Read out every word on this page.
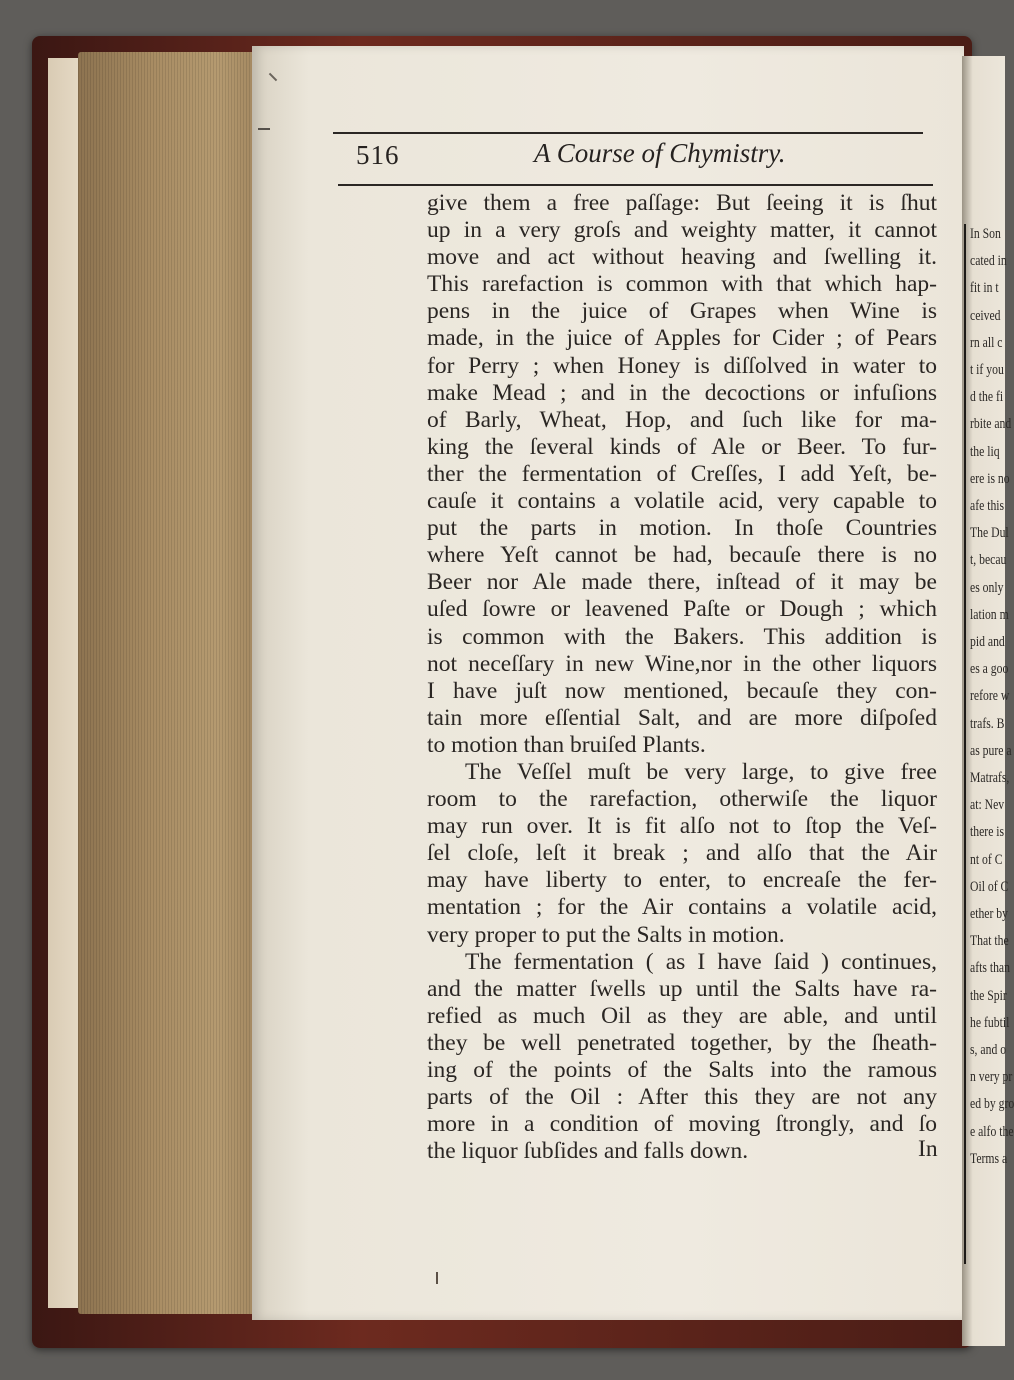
516	A Course of Chymistry.
give them a free paſſage: But ſeeing it is ſhut
up in a very groſs and weighty matter, it cannot
move and act without heaving and ſwelling it.
This rarefaction is common with that which hap-
pens in the juice of Grapes when Wine is
made, in the juice of Apples for Cider ; of Pears
for Perry ; when Honey is diſſolved in water to
make Mead ; and in the decoctions or infuſions
of Barly, Wheat, Hop, and ſuch like for ma-
king the ſeveral kinds of Ale or Beer. To fur-
ther the fermentation of Creſſes, I add Yeſt, be-
cauſe it contains a volatile acid, very capable to
put the parts in motion. In thoſe Countries
where Yeſt cannot be had, becauſe there is no
Beer nor Ale made there, inſtead of it may be
uſed ſowre or leavened Paſte or Dough ; which
is common with the Bakers. This addition is
not neceſſary in new Wine,nor in the other liquors
I have juſt now mentioned, becauſe they con-
tain more eſſential Salt, and are more diſpoſed
to motion than bruiſed Plants.
The Veſſel muſt be very large, to give free
room to the rarefaction, otherwiſe the liquor
may run over. It is fit alſo not to ſtop the Veſ-
ſel cloſe, leſt it break ; and alſo that the Air
may have liberty to enter, to encreaſe the fer-
mentation ; for the Air contains a volatile acid,
very proper to put the Salts in motion.
The fermentation ( as I have ſaid ) continues,
and the matter ſwells up until the Salts have ra-
refied as much Oil as they are able, and until
they be well penetrated together, by the ſheath-
ing of the points of the Salts into the ramous
parts of the Oil : After this they are not any
more in a condition of moving ſtrongly, and ſo
the liquor ſubſides and falls down.	In
In Son
cated in
fit in t
ceived
rn all c
t if you
d the fi
rbite and
the liq
ere is no
afe this
The Dul
t, becau
es only
lation m
pid and
es a goo
refore w
trafs. B
as pure a
Matrafs,
at: Nev
there is
nt of C
Oil of C
ether by
That the
afts than
the Spir
he fubtil
s, and o
n very pr
ed by gro
e alfo the
Terms a
